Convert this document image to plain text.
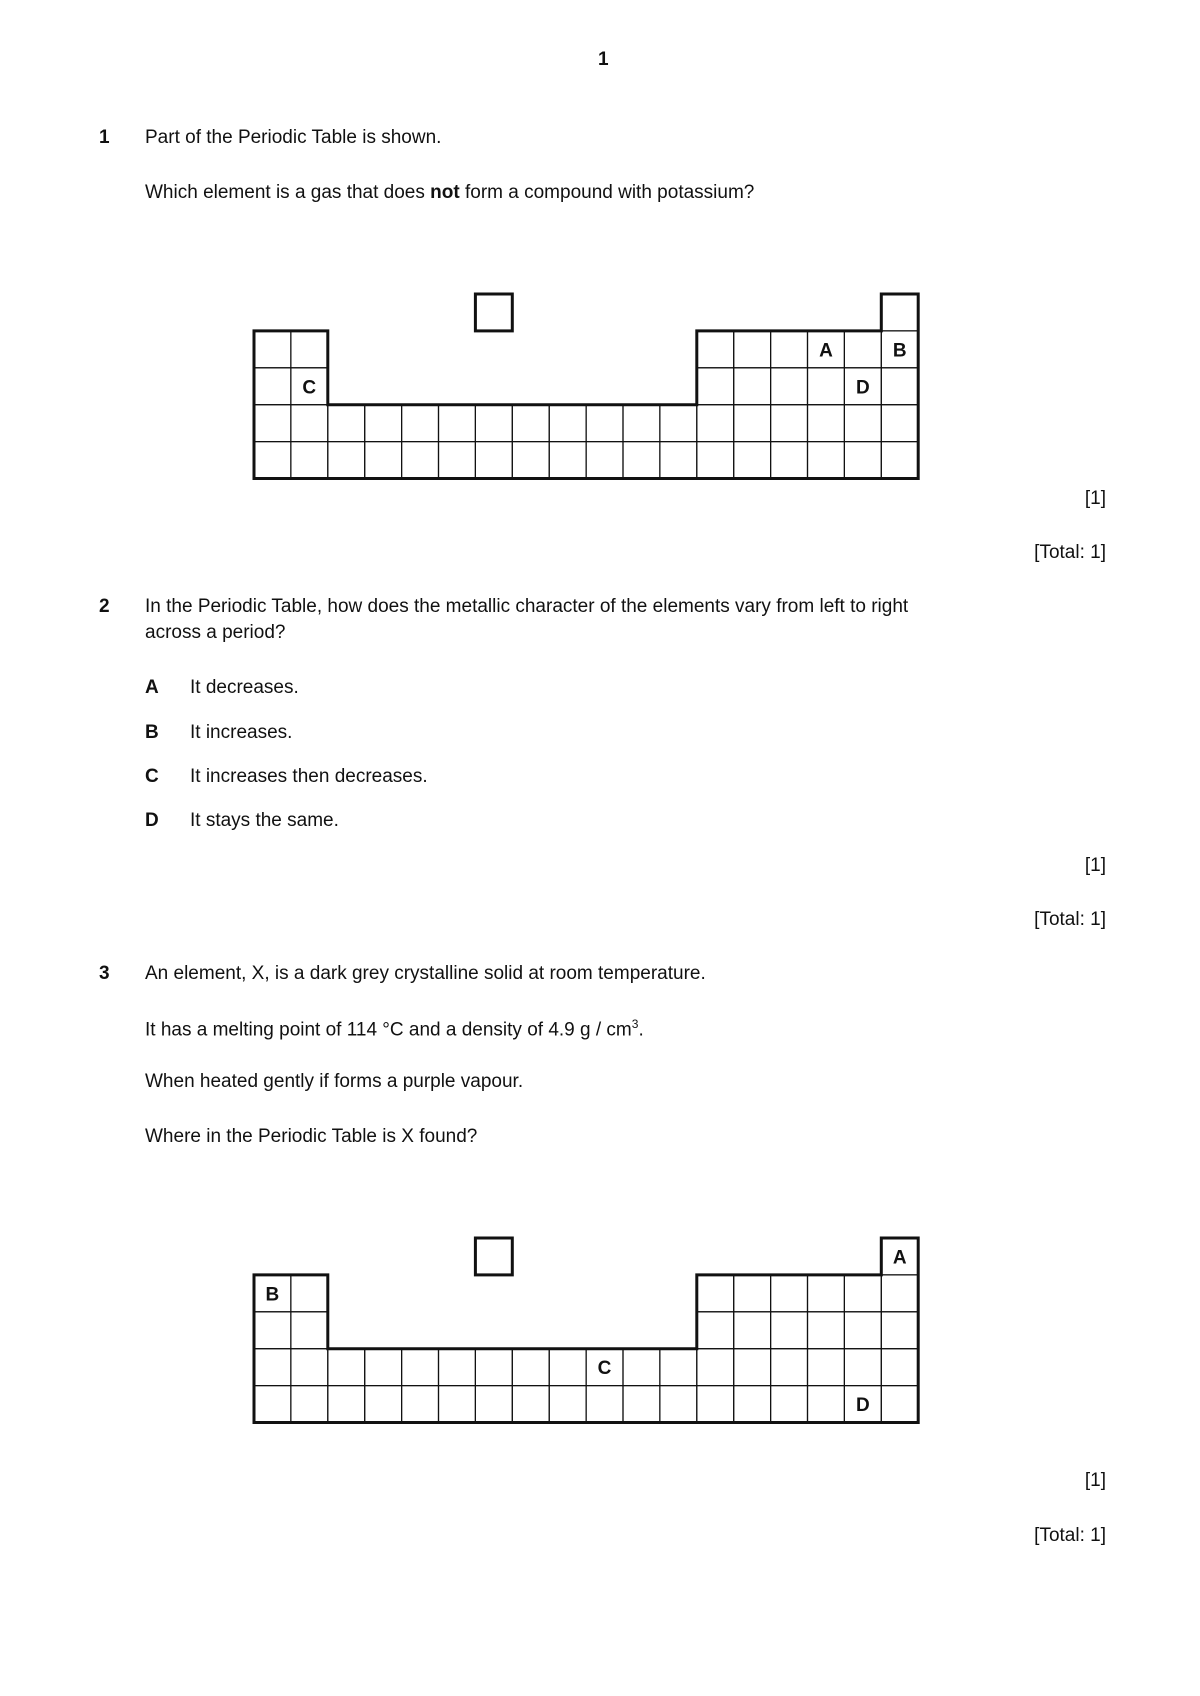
1
1 Part of the Periodic Table is shown.
Which element is a gas that does not form a compound with potassium?
A	B
C	D
[1]
[Total: 1]
2 In the Periodic Table, how does the metallic character of the elements vary from left to right
across a period?
A It decreases.
B It increases.
C It increases then decreases.
D It stays the same.
[1]
[Total: 1]
3 An element, X, is a dark grey crystalline solid at room temperature.
It has a melting point of 114 °C and a density of 4.9 g / $cm^3$.
When heated gently if forms a purple vapour.
Where in the Periodic Table is X found?
A
B
C
D
[1]
[Total: 1]
